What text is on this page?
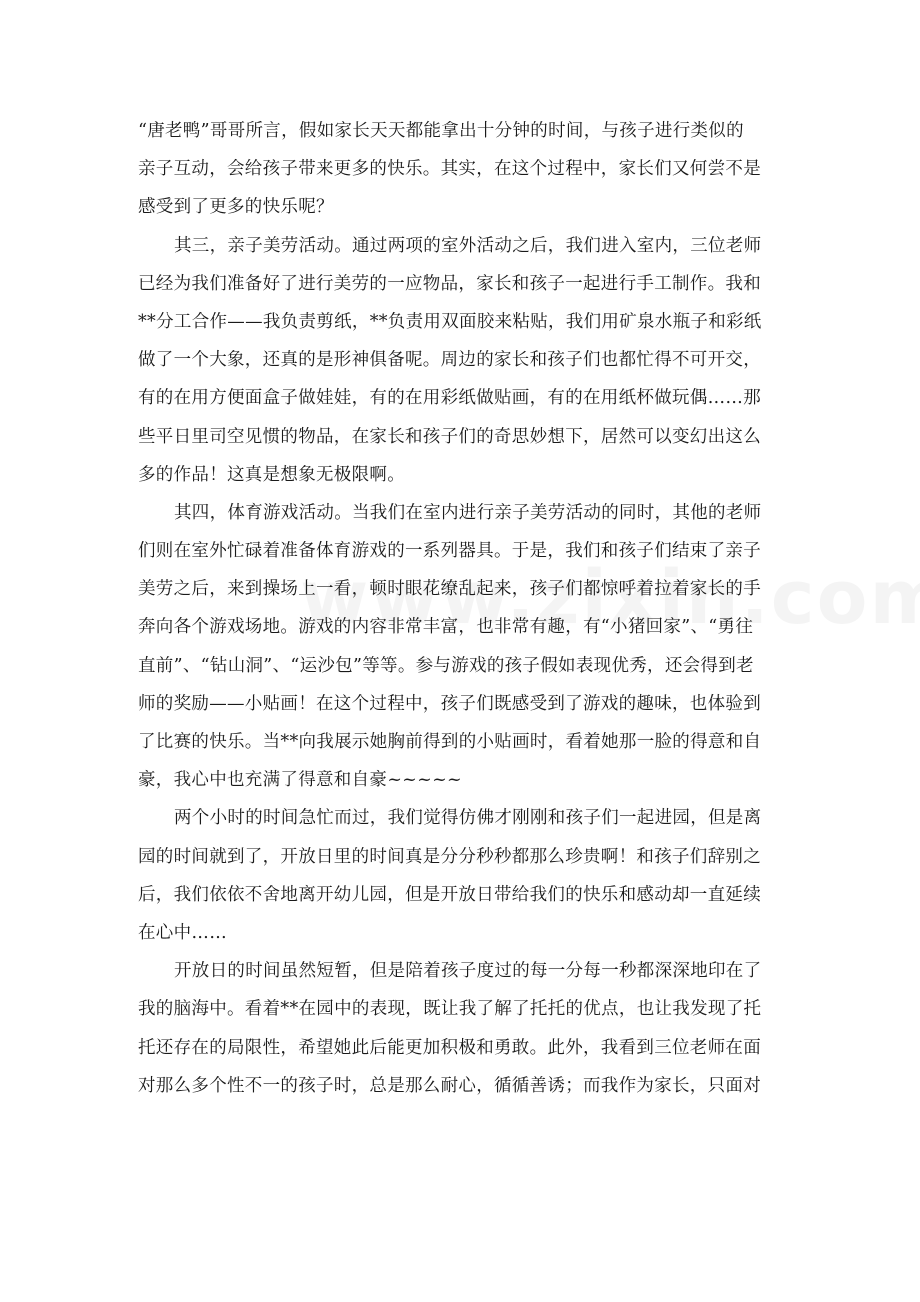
“唐老鸭”哥哥所言，假如家长天天都能拿出十分钟的时间，与孩子进行类似的
亲子互动，会给孩子带来更多的快乐。其实，在这个过程中，家长们又何尝不是
感受到了更多的快乐呢？
其三，亲子美劳活动。通过两项的室外活动之后，我们进入室内，三位老师
已经为我们准备好了进行美劳的一应物品，家长和孩子一起进行手工制作。我和
**分工合作——我负责剪纸，**负责用双面胶来粘贴，我们用矿泉水瓶子和彩纸
做了一个大象，还真的是形神俱备呢。周边的家长和孩子们也都忙得不可开交，
有的在用方便面盒子做娃娃，有的在用彩纸做贴画，有的在用纸杯做玩偶……那
些平日里司空见惯的物品，在家长和孩子们的奇思妙想下，居然可以变幻出这么
多的作品！这真是想象无极限啊。
其四，体育游戏活动。当我们在室内进行亲子美劳活动的同时，其他的老师
们则在室外忙碌着准备体育游戏的一系列器具。于是，我们和孩子们结束了亲子
美劳之后，来到操场上一看，顿时眼花缭乱起来，孩子们都惊呼着拉着家长的手
奔向各个游戏场地。游戏的内容非常丰富，也非常有趣，有“小猪回家”、“勇往
直前”、“钻山洞”、“运沙包”等等。参与游戏的孩子假如表现优秀，还会得到老
师的奖励——小贴画！在这个过程中，孩子们既感受到了游戏的趣味，也体验到
了比赛的快乐。当**向我展示她胸前得到的小贴画时，看着她那一脸的得意和自
豪，我心中也充满了得意和自豪~~~~~
两个小时的时间急忙而过，我们觉得仿佛才刚刚和孩子们一起进园，但是离
园的时间就到了，开放日里的时间真是分分秒秒都那么珍贵啊！和孩子们辞别之
后，我们依依不舍地离开幼儿园，但是开放日带给我们的快乐和感动却一直延续
在心中……
开放日的时间虽然短暂，但是陪着孩子度过的每一分每一秒都深深地印在了
我的脑海中。看着**在园中的表现，既让我了解了托托的优点，也让我发现了托
托还存在的局限性，希望她此后能更加积极和勇敢。此外，我看到三位老师在面
对那么多个性不一的孩子时，总是那么耐心，循循善诱；而我作为家长，只面对
